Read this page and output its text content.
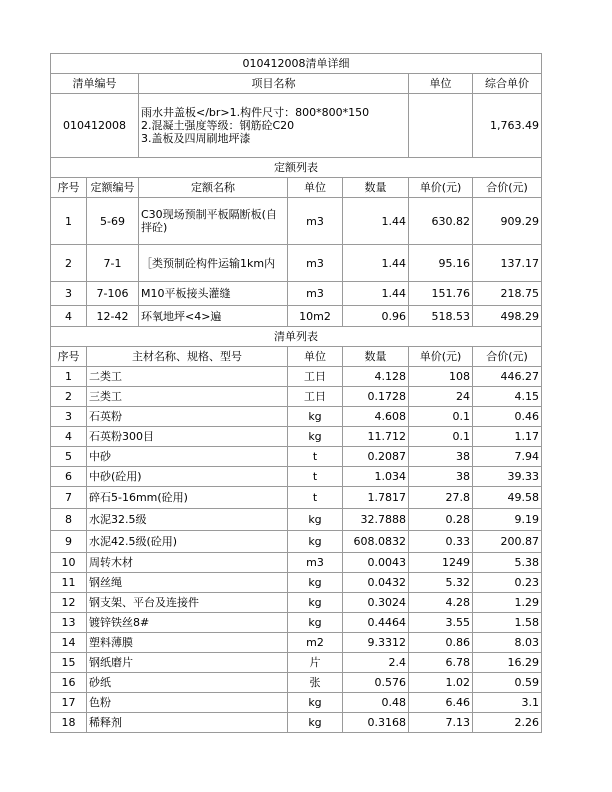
010412008清单详细						
清单编号		项目名称			单位	综合单价
010412008		雨水井盖板</br>1.构件尺寸：800*800*150
2.混凝土强度等级：钢筋砼C20
3.盖板及四周刷地坪漆				1,763.49
定额列表						
序号	定额编号	定额名称	单位	数量	单价(元)	合价(元)
1	5-69	C30现场预制平板隔断板(自拌砼)	m3	1.44	630.82	909.29
2	7-1	［类预制砼构件运输1km内	m3	1.44	95.16	137.17
3	7-106	M10平板接头灌缝	m3	1.44	151.76	218.75
4	12-42	环氧地坪<4>遍	10m2	0.96	518.53	498.29
清单列表						
序号	主材名称、规格、型号		单位	数量	单价(元)	合价(元)
1	二类工		工日	4.128	108	446.27
2	三类工		工日	0.1728	24	4.15
3	石英粉		kg	4.608	0.1	0.46
4	石英粉300目		kg	11.712	0.1	1.17
5	中砂		t	0.2087	38	7.94
6	中砂(砼用)		t	1.034	38	39.33
7	碎石5-16mm(砼用)		t	1.7817	27.8	49.58
8	水泥32.5级		kg	32.7888	0.28	9.19
9	水泥42.5级(砼用)		kg	608.0832	0.33	200.87
10	周转木材		m3	0.0043	1249	5.38
11	钢丝绳		kg	0.0432	5.32	0.23
12	钢支架、平台及连接件		kg	0.3024	4.28	1.29
13	镀锌铁丝8#		kg	0.4464	3.55	1.58
14	塑料薄膜		m2	9.3312	0.86	8.03
15	钢纸磨片		片	2.4	6.78	16.29
16	砂纸		张	0.576	1.02	0.59
17	色粉		kg	0.48	6.46	3.1
18	稀释剂		kg	0.3168	7.13	2.26
